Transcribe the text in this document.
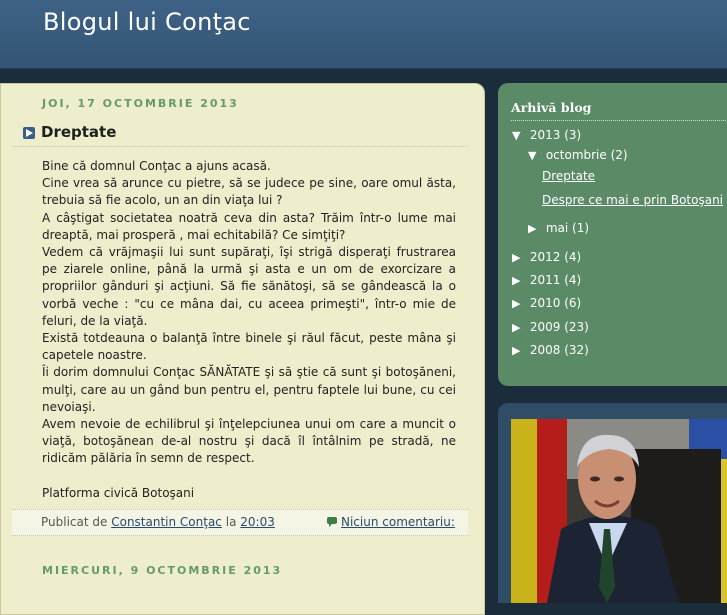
Blogul lui Conţac
JOI, 17 OCTOMBRIE 2013
Dreptate

Bine că domnul Conţac a ajuns acasă.

Cine vrea să arunce cu pietre, să se judece pe sine, oare omul ăsta, trebuia să fie acolo, un an din viaţa lui ?

A câştigat societatea noatră ceva din asta? Trăim într-o lume mai dreaptă, mai prosperă , mai echitabilă? Ce simţiţi?

Vedem că vrăjmaşii lui sunt supăraţi, îşi strigă disperaţi frustrarea pe ziarele online, până la urmă şi asta e un om de exorcizare a propriilor gânduri şi acţiuni. Să fie sănătoşi, să se gândească la o vorbă veche : "cu ce mâna dai, cu aceea primeşti", într-o mie de feluri, de la viaţă.

Există totdeauna o balanţă între binele şi răul făcut, peste mâna şi capetele noastre.

Îi dorim domnului Conţac SĂNĂTATE şi să ştie că sunt şi botoşăneni, mulţi, care au un gând bun pentru el, pentru faptele lui bune, cu cei nevoiaşi.

Avem nevoie de echilibrul şi înţelepciunea unui om care a muncit o viaţă, botoşănean de-al nostru şi dacă îl întâlnim pe stradă, ne ridicăm pălăria în semn de respect.

Platforma civică Botoşani

Publicat de Constantin Conţac la 20:03	Niciun comentariu:
MIERCURI, 9 OCTOMBRIE 2013
Arhivă blog
▼ 2013 (3)
▼ octombrie (2)
Dreptate
Despre ce mai e prin Botoşani
▶ mai (1)
▶ 2012 (4)
▶ 2011 (4)
▶ 2010 (6)
▶ 2009 (23)
▶ 2008 (32)
